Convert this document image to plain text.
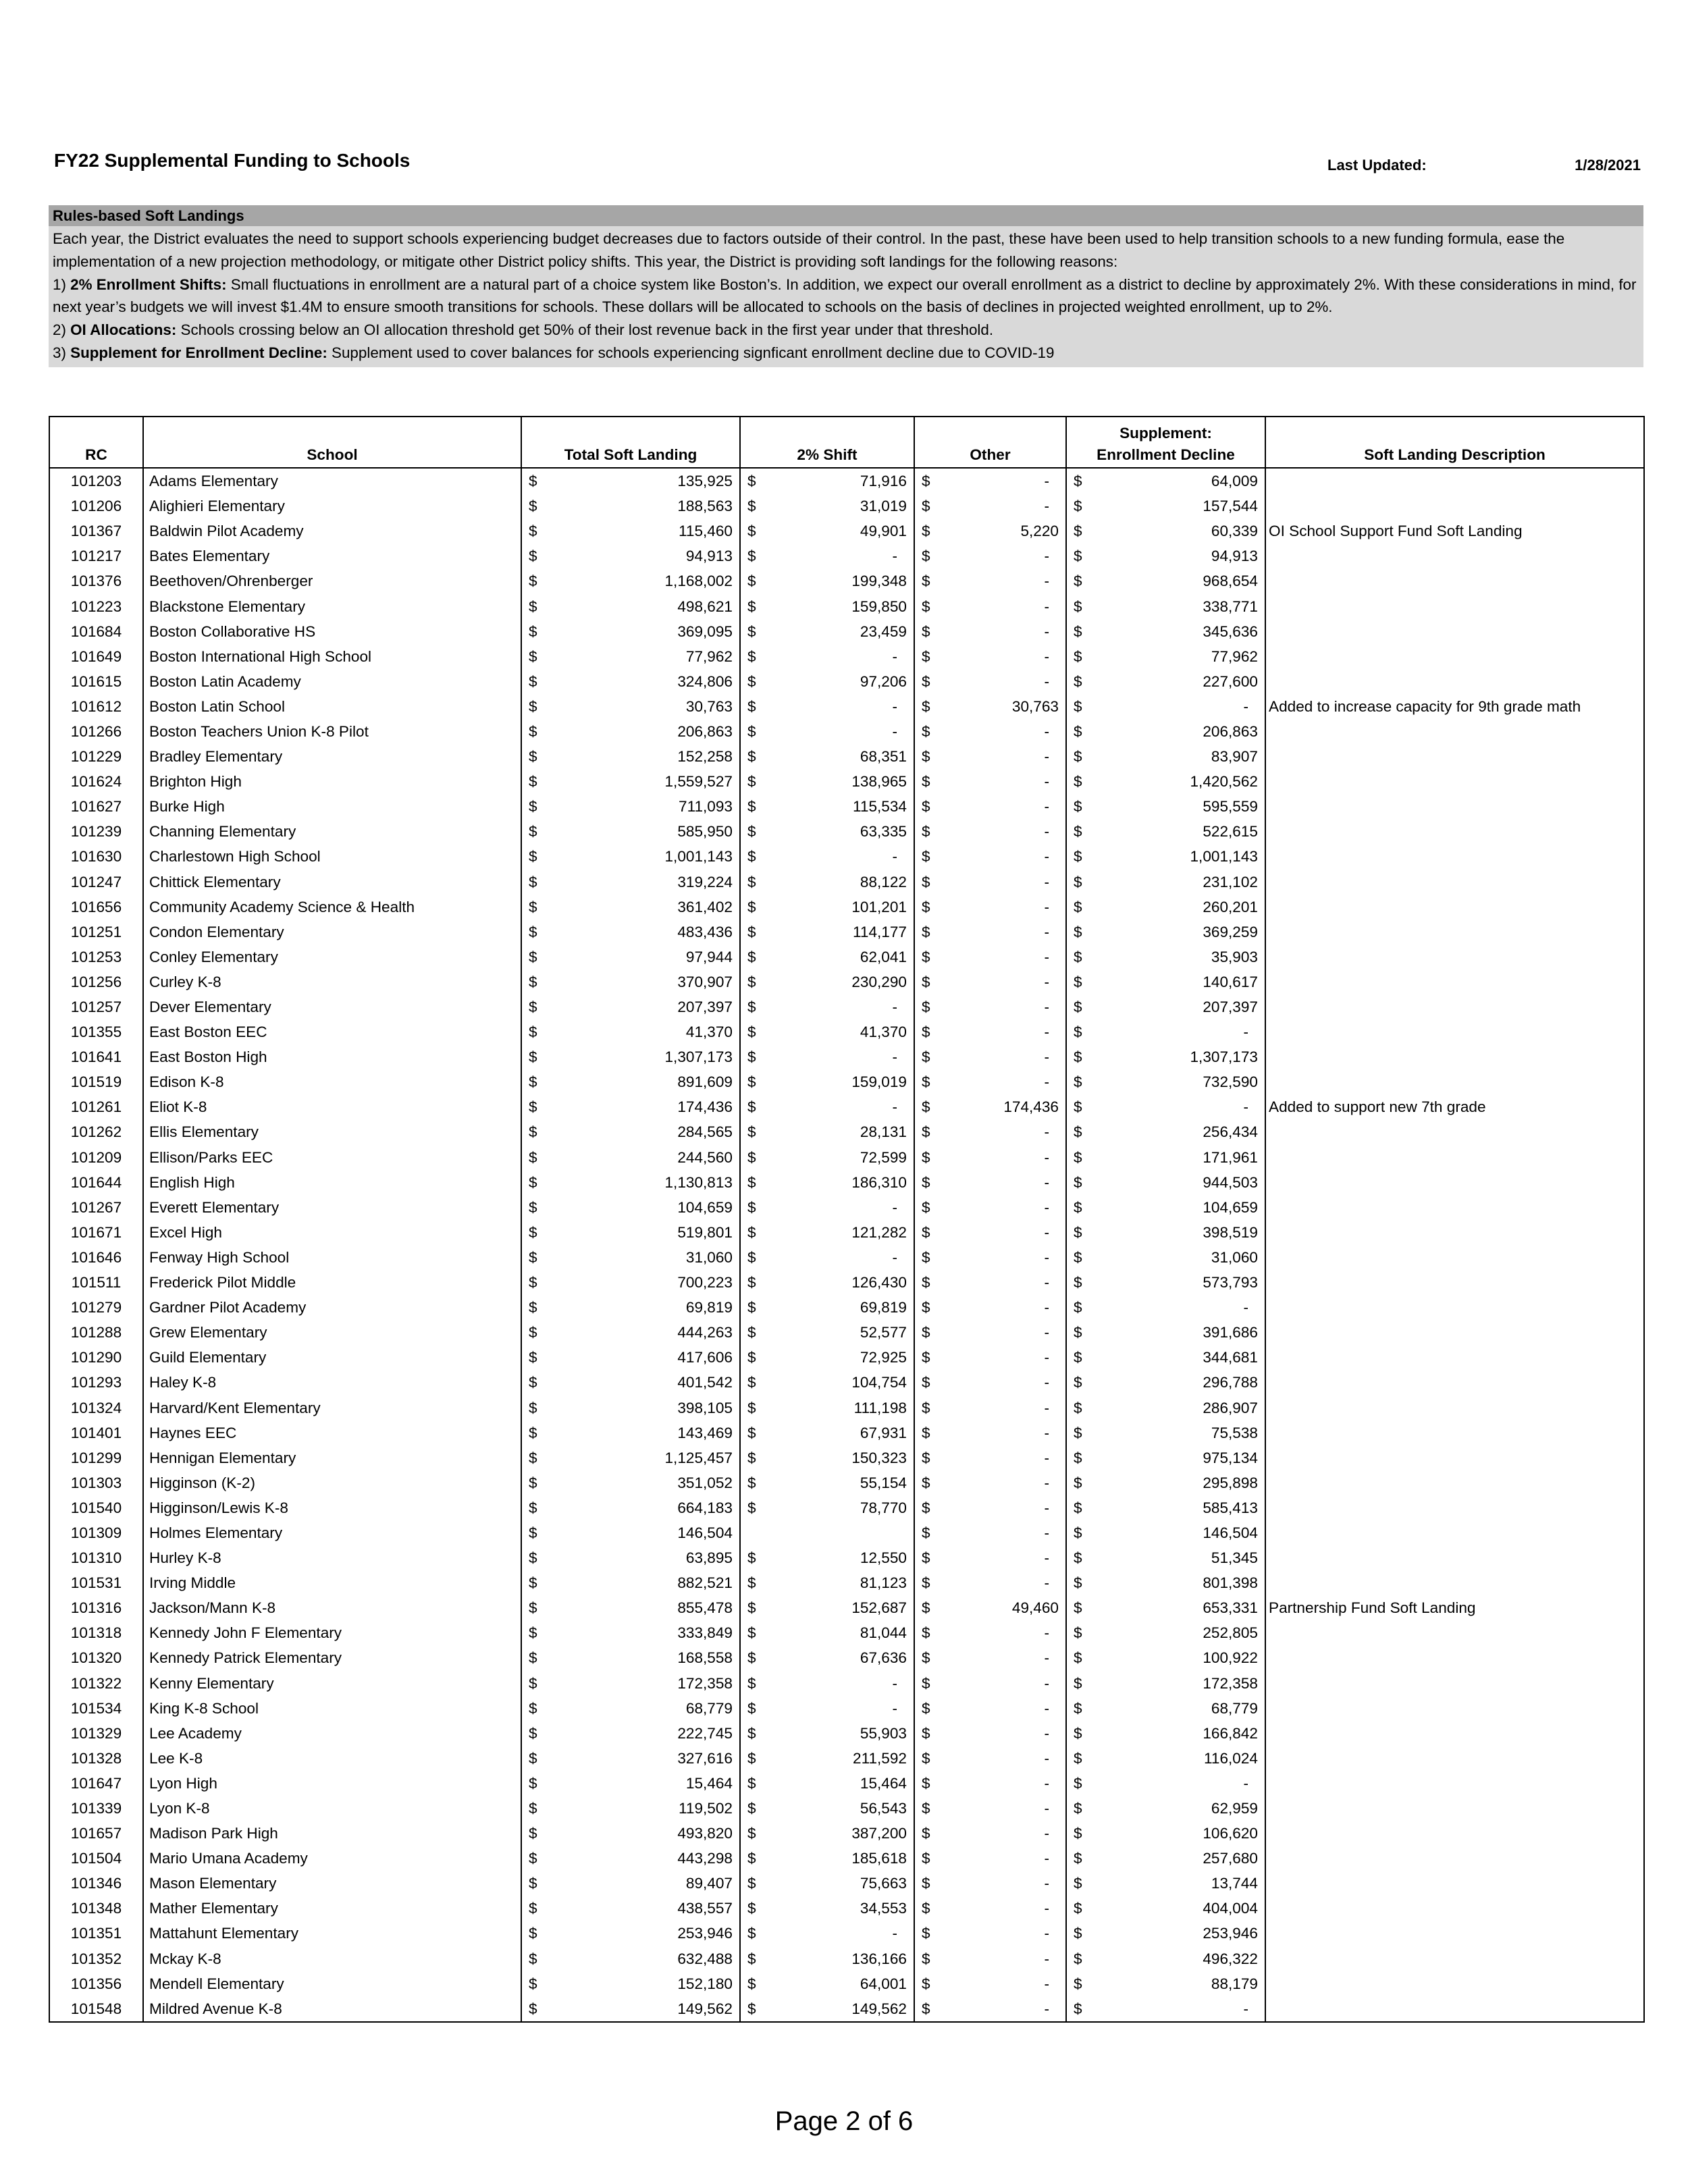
FY22 Supplemental Funding to Schools	Last Updated:	1/28/2021
Rules-based Soft Landings
Each year, the District evaluates the need to support schools experiencing budget decreases due to factors outside of their control. In the past, these have been used to help transition schools to a new funding formula, ease the implementation of a new projection methodology, or mitigate other District policy shifts. This year, the District is providing soft landings for the following reasons:
1) 2% Enrollment Shifts: Small fluctuations in enrollment are a natural part of a choice system like Boston’s. In addition, we expect our overall enrollment as a district to decline by approximately 2%. With these considerations in mind, for next year’s budgets we will invest $1.4M to ensure smooth transitions for schools. These dollars will be allocated to schools on the basis of declines in projected weighted enrollment, up to 2%.
2) OI Allocations: Schools crossing below an OI allocation threshold get 50% of their lost revenue back in the first year under that threshold.
3) Supplement for Enrollment Decline: Supplement used to cover balances for schools experiencing signficant enrollment decline due to COVID-19
RC	School	Total Soft Landing	2% Shift	Other	Supplement:
Enrollment Decline	Soft Landing Description
101203	Adams Elementary	$ 135,925	$ 71,916	$ -	$ 64,009	

101206	Alighieri Elementary	$ 188,563	$ 31,019	$ -	$ 157,544	

101367	Baldwin Pilot Academy	$ 115,460	$ 49,901	$ 5,220	$ 60,339	OI School Support Fund Soft Landing
101217	Bates Elementary	$ 94,913	$ -	$ -	$ 94,913	

101376	Beethoven/Ohrenberger	$ 1,168,002	$ 199,348	$ -	$ 968,654	

101223	Blackstone Elementary	$ 498,621	$ 159,850	$ -	$ 338,771	

101684	Boston Collaborative HS	$ 369,095	$ 23,459	$ -	$ 345,636	

101649	Boston International High School	$ 77,962	$ -	$ -	$ 77,962	

101615	Boston Latin Academy	$ 324,806	$ 97,206	$ -	$ 227,600	

101612	Boston Latin School	$ 30,763	$ -	$ 30,763	$ -	Added to increase capacity for 9th grade math
101266	Boston Teachers Union K-8 Pilot	$ 206,863	$ -	$ -	$ 206,863	

101229	Bradley Elementary	$ 152,258	$ 68,351	$ -	$ 83,907	

101624	Brighton High	$ 1,559,527	$ 138,965	$ -	$ 1,420,562	

101627	Burke High	$ 711,093	$ 115,534	$ -	$ 595,559	

101239	Channing Elementary	$ 585,950	$ 63,335	$ -	$ 522,615	

101630	Charlestown High School	$ 1,001,143	$ -	$ -	$ 1,001,143	

101247	Chittick Elementary	$ 319,224	$ 88,122	$ -	$ 231,102	

101656	Community Academy Science & Health	$ 361,402	$ 101,201	$ -	$ 260,201	

101251	Condon Elementary	$ 483,436	$ 114,177	$ -	$ 369,259	

101253	Conley Elementary	$ 97,944	$ 62,041	$ -	$ 35,903	

101256	Curley K-8	$ 370,907	$ 230,290	$ -	$ 140,617	

101257	Dever Elementary	$ 207,397	$ -	$ -	$ 207,397	

101355	East Boston EEC	$ 41,370	$ 41,370	$ -	$ -	

101641	East Boston High	$ 1,307,173	$ -	$ -	$ 1,307,173	

101519	Edison K-8	$ 891,609	$ 159,019	$ -	$ 732,590	

101261	Eliot K-8	$ 174,436	$ -	$ 174,436	$ -	Added to support new 7th grade
101262	Ellis Elementary	$ 284,565	$ 28,131	$ -	$ 256,434	

101209	Ellison/Parks EEC	$ 244,560	$ 72,599	$ -	$ 171,961	

101644	English High	$ 1,130,813	$ 186,310	$ -	$ 944,503	

101267	Everett Elementary	$ 104,659	$ -	$ -	$ 104,659	

101671	Excel High	$ 519,801	$ 121,282	$ -	$ 398,519	

101646	Fenway High School	$ 31,060	$ -	$ -	$ 31,060	

101511	Frederick Pilot Middle	$ 700,223	$ 126,430	$ -	$ 573,793	

101279	Gardner Pilot Academy	$ 69,819	$ 69,819	$ -	$ -	

101288	Grew Elementary	$ 444,263	$ 52,577	$ -	$ 391,686	

101290	Guild Elementary	$ 417,606	$ 72,925	$ -	$ 344,681	

101293	Haley K-8	$ 401,542	$ 104,754	$ -	$ 296,788	

101324	Harvard/Kent Elementary	$ 398,105	$ 111,198	$ -	$ 286,907	

101401	Haynes EEC	$ 143,469	$ 67,931	$ -	$ 75,538	

101299	Hennigan Elementary	$ 1,125,457	$ 150,323	$ -	$ 975,134	

101303	Higginson (K-2)	$ 351,052	$ 55,154	$ -	$ 295,898	

101540	Higginson/Lewis K-8	$ 664,183	$ 78,770	$ -	$ 585,413	

101309	Holmes Elementary	$ 146,504		$ -	$ 146,504	

101310	Hurley K-8	$ 63,895	$ 12,550	$ -	$ 51,345	

101531	Irving Middle	$ 882,521	$ 81,123	$ -	$ 801,398	

101316	Jackson/Mann K-8	$ 855,478	$ 152,687	$ 49,460	$ 653,331	Partnership Fund Soft Landing
101318	Kennedy John F Elementary	$ 333,849	$ 81,044	$ -	$ 252,805	

101320	Kennedy Patrick Elementary	$ 168,558	$ 67,636	$ -	$ 100,922	

101322	Kenny Elementary	$ 172,358	$ -	$ -	$ 172,358	

101534	King K-8 School	$ 68,779	$ -	$ -	$ 68,779	

101329	Lee Academy	$ 222,745	$ 55,903	$ -	$ 166,842	

101328	Lee K-8	$ 327,616	$ 211,592	$ -	$ 116,024	

101647	Lyon High	$ 15,464	$ 15,464	$ -	$ -	

101339	Lyon K-8	$ 119,502	$ 56,543	$ -	$ 62,959	

101657	Madison Park High	$ 493,820	$ 387,200	$ -	$ 106,620	

101504	Mario Umana Academy	$ 443,298	$ 185,618	$ -	$ 257,680	

101346	Mason Elementary	$ 89,407	$ 75,663	$ -	$ 13,744	

101348	Mather Elementary	$ 438,557	$ 34,553	$ -	$ 404,004	

101351	Mattahunt Elementary	$ 253,946	$ -	$ -	$ 253,946	

101352	Mckay K-8	$ 632,488	$ 136,166	$ -	$ 496,322	

101356	Mendell Elementary	$ 152,180	$ 64,001	$ -	$ 88,179	

101548	Mildred Avenue K-8	$ 149,562	$ 149,562	$ -	$ -	

Page 2 of 6
